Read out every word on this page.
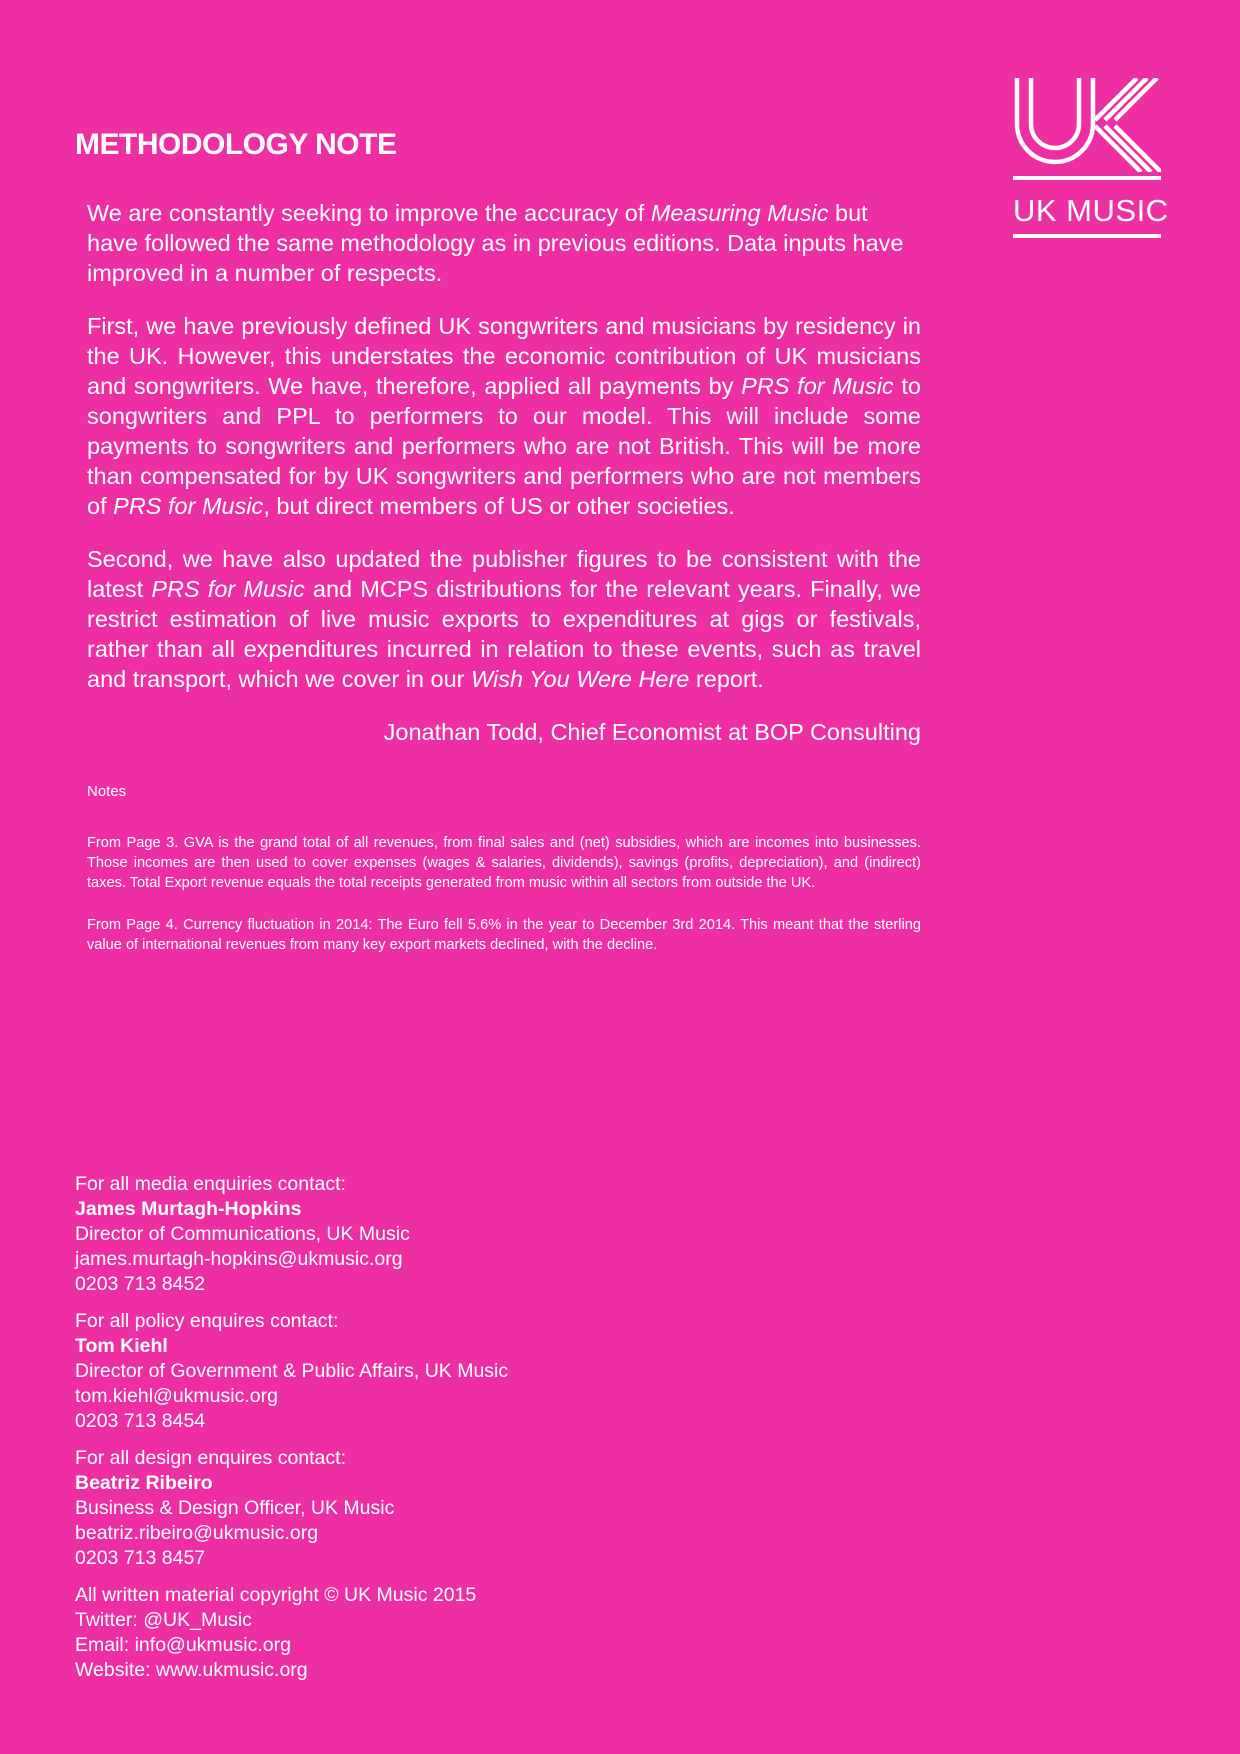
UK MUSIC
METHODOLOGY NOTE

We are constantly seeking to improve the accuracy of Measuring Music but have followed the same methodology as in previous editions. Data inputs have improved in a number of respects.

First, we have previously defined UK songwriters and musicians by residency in the UK. However, this understates the economic contribution of UK musicians and songwriters. We have, therefore, applied all payments by PRS for Music to songwriters and PPL to performers to our model. This will include some payments to songwriters and performers who are not British. This will be more than compensated for by UK songwriters and performers who are not members of PRS for Music, but direct members of US or other societies.

Second, we have also updated the publisher figures to be consistent with the latest PRS for Music and MCPS distributions for the relevant years. Finally, we restrict estimation of live music exports to expenditures at gigs or festivals, rather than all expenditures incurred in relation to these events, such as travel and transport, which we cover in our Wish You Were Here report.

Jonathan Todd, Chief Economist at BOP Consulting
Notes
From Page 3. GVA is the grand total of all revenues, from final sales and (net) subsidies, which are incomes into businesses. Those incomes are then used to cover expenses (wages & salaries, dividends), savings (profits, depreciation), and (indirect) taxes. Total Export revenue equals the total receipts generated from music within all sectors from outside the UK.
From Page 4. Currency fluctuation in 2014: The Euro fell 5.6% in the year to December 3rd 2014. This meant that the sterling value of international revenues from many key export markets declined, with the decline.
For all media enquiries contact:
James Murtagh-Hopkins
Director of Communications, UK Music
james.murtagh-hopkins@ukmusic.org
0203 713 8452
For all policy enquires contact:
Tom Kiehl
Director of Government & Public Affairs, UK Music
tom.kiehl@ukmusic.org
0203 713 8454
For all design enquires contact:
Beatriz Ribeiro
Business & Design Officer, UK Music
beatriz.ribeiro@ukmusic.org
0203 713 8457
All written material copyright © UK Music 2015
Twitter: @UK_Music
Email: info@ukmusic.org
Website: www.ukmusic.org
